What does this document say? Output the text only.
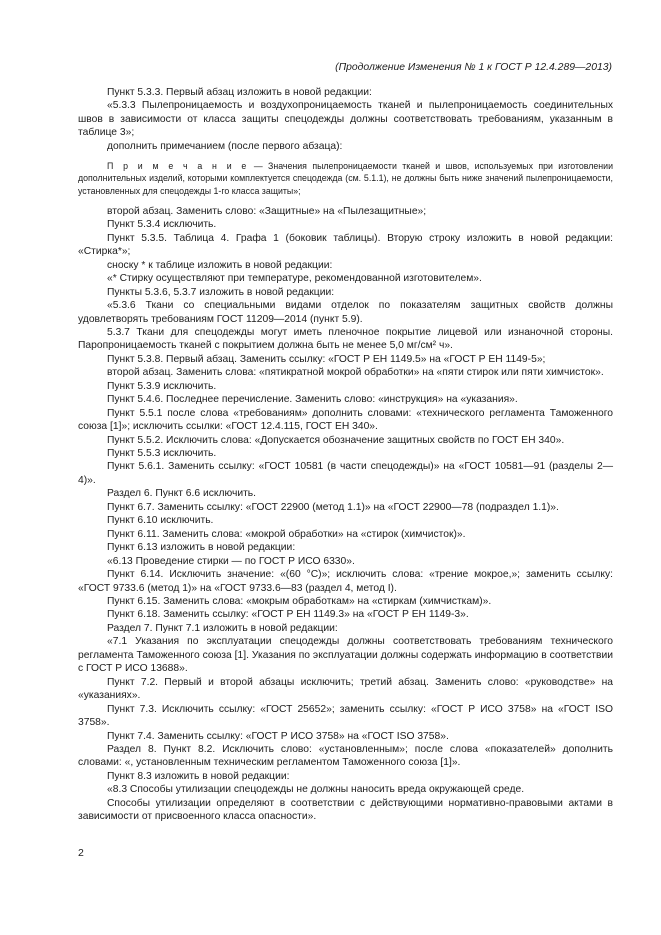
(Продолжение Изменения № 1 к ГОСТ Р 12.4.289—2013)

Пункт 5.3.3. Первый абзац изложить в новой редакции:

«5.3.3 Пылепроницаемость и воздухопроницаемость тканей и пылепроницаемость соединительных швов в зависимости от класса защиты спецодежды должны соответствовать требованиям, указанным в таблице 3»;

дополнить примечанием (после первого абзаца):

П р и м е ч а н и е — Значения пылепроницаемости тканей и швов, используемых при изготовлении дополнительных изделий, которыми комплектуется спецодежда (см. 5.1.1), не должны быть ниже значений пылепроницаемости, установленных для спецодежды 1-го класса защиты»;

второй абзац. Заменить слово: «Защитные» на «Пылезащитные»;

Пункт 5.3.4 исключить.

Пункт 5.3.5. Таблица 4. Графа 1 (боковик таблицы). Вторую строку изложить в новой редакции: «Стирка*»;

сноску * к таблице изложить в новой редакции:

«* Стирку осуществляют при температуре, рекомендованной изготовителем».

Пункты 5.3.6, 5.3.7 изложить в новой редакции:

«5.3.6 Ткани со специальными видами отделок по показателям защитных свойств должны удовлетворять требованиям ГОСТ 11209—2014 (пункт 5.9).

5.3.7 Ткани для спецодежды могут иметь пленочное покрытие лицевой или изнаночной стороны. Паропроницаемость тканей с покрытием должна быть не менее 5,0 мг/см² ч».

Пункт 5.3.8. Первый абзац. Заменить ссылку: «ГОСТ Р ЕН 1149.5» на «ГОСТ Р ЕН 1149-5»;

второй абзац. Заменить слова: «пятикратной мокрой обработки» на «пяти стирок или пяти химчисток».

Пункт 5.3.9 исключить.

Пункт 5.4.6. Последнее перечисление. Заменить слово: «инструкция» на «указания».

Пункт 5.5.1 после слова «требованиям» дополнить словами: «технического регламента Таможенного союза [1]»; исключить ссылки: «ГОСТ 12.4.115, ГОСТ ЕН 340».

Пункт 5.5.2. Исключить слова: «Допускается обозначение защитных свойств по ГОСТ ЕН 340».

Пункт 5.5.3 исключить.

Пункт 5.6.1. Заменить ссылку: «ГОСТ 10581 (в части спецодежды)» на «ГОСТ 10581—91 (разделы 2—4)».

Раздел 6. Пункт 6.6 исключить.

Пункт 6.7. Заменить ссылку: «ГОСТ 22900 (метод 1.1)» на «ГОСТ 22900—78 (подраздел 1.1)».

Пункт 6.10 исключить.

Пункт 6.11. Заменить слова: «мокрой обработки» на «стирок (химчисток)».

Пункт 6.13 изложить в новой редакции:

«6.13 Проведение стирки — по ГОСТ Р ИСО 6330».

Пункт 6.14. Исключить значение: «(60 °C)»; исключить слова: «трение мокрое,»; заменить ссылку: «ГОСТ 9733.6 (метод 1)» на «ГОСТ 9733.6—83 (раздел 4, метод I).

Пункт 6.15. Заменить слова: «мокрым обработкам» на «стиркам (химчисткам)».

Пункт 6.18. Заменить ссылку: «ГОСТ Р ЕН 1149.3» на «ГОСТ Р ЕН 1149-3».

Раздел 7. Пункт 7.1 изложить в новой редакции:

«7.1 Указания по эксплуатации спецодежды должны соответствовать требованиям технического регламента Таможенного союза [1]. Указания по эксплуатации должны содержать информацию в соответствии с ГОСТ Р ИСО 13688».

Пункт 7.2. Первый и второй абзацы исключить; третий абзац. Заменить слово: «руководстве» на «указаниях».

Пункт 7.3. Исключить ссылку: «ГОСТ 25652»; заменить ссылку: «ГОСТ Р ИСО 3758» на «ГОСТ ISO 3758».

Пункт 7.4. Заменить ссылку: «ГОСТ Р ИСО 3758» на «ГОСТ ISO 3758».

Раздел 8. Пункт 8.2. Исключить слово: «установленным»; после слова «показателей» дополнить словами: «, установленным техническим регламентом Таможенного союза [1]».

Пункт 8.3 изложить в новой редакции:

«8.3 Способы утилизации спецодежды не должны наносить вреда окружающей среде.

Способы утилизации определяют в соответствии с действующими нормативно-правовыми актами в зависимости от присвоенного класса опасности».

2
